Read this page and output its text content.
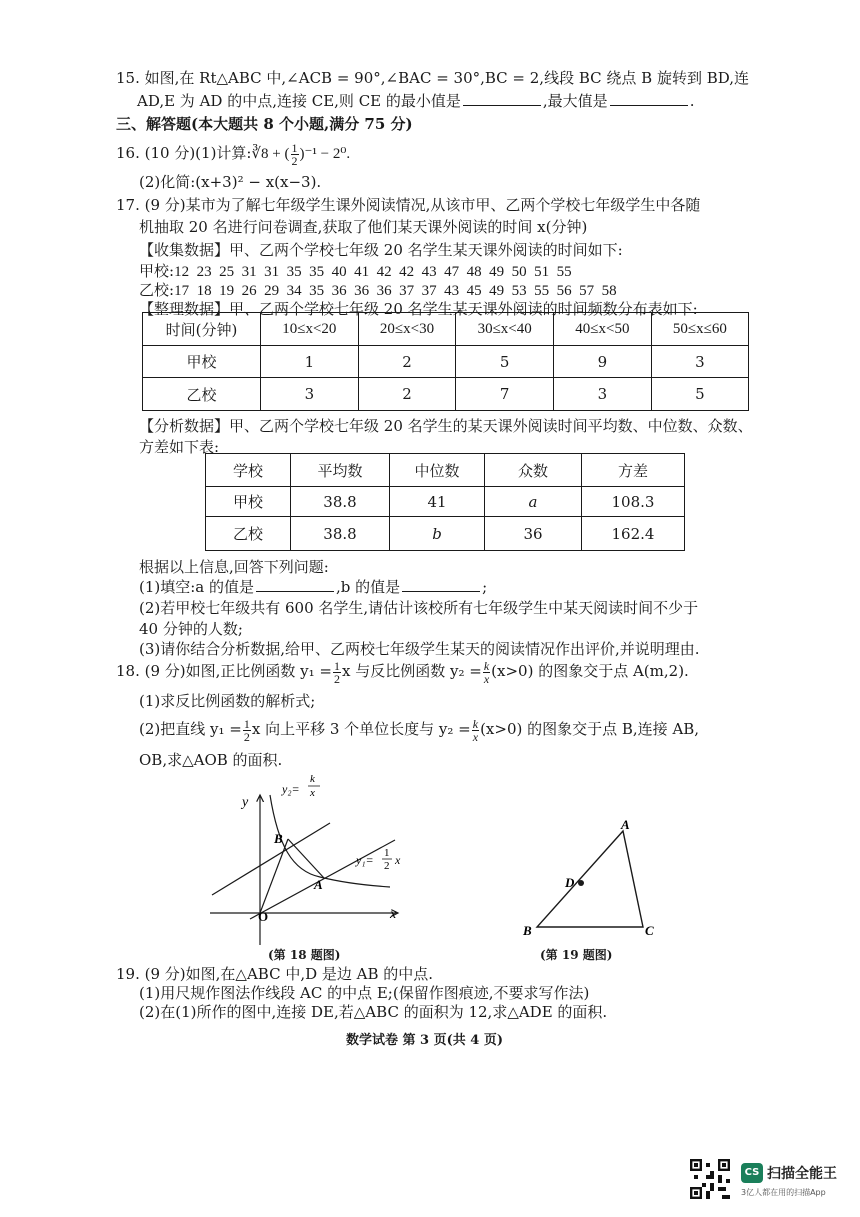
15. 如图,在 Rt△ABC 中,∠ACB = 90°,∠BAC = 30°,BC = 2,线段 BC 绕点 B 旋转到 BD,连
AD,E 为 AD 的中点,连接 CE,则 CE 的最小值是	,最大值是	.
三、解答题(本大题共 8 个小题,满分 75 分)
16. (10 分)(1)计算:∛8 + ( $\frac{1}{2} )^{-1} - 2^0$.
(2)化简:(x+3)² − x(x−3).
17. (9 分)某市为了解七年级学生课外阅读情况,从该市甲、乙两个学校七年级学生中各随
机抽取 20 名进行问卷调查,获取了他们某天课外阅读的时间 x(分钟)
【收集数据】甲、乙两个学校七年级 20 名学生某天课外阅读的时间如下:
甲校:12  23  25  31  31  35  35  40  41  42  42  43  47  48  49  50  51  55
乙校:17  18  19  26  29  34  35  36  36  36  37  37  43  45  49  53  55  56  57  58
【整理数据】甲、乙两个学校七年级 20 名学生某天课外阅读的时间频数分布表如下:
时间(分钟)	10≤x<20	20≤x<30	30≤x<40	40≤x<50	50≤x≤60
甲校	1	2	5	9	3
乙校	3	2	7	3	5
【分析数据】甲、乙两个学校七年级 20 名学生的某天课外阅读时间平均数、中位数、众数、
方差如下表:
学校	平均数	中位数	众数	方差
甲校	38.8	41	a	108.3
乙校	38.8	b	36	162.4
根据以上信息,回答下列问题:
(1)填空:a 的值是	,b 的值是	;
(2)若甲校七年级共有 600 名学生,请估计该校所有七年级学生中某天阅读时间不少于
40 分钟的人数;
(3)请你结合分析数据,给甲、乙两校七年级学生某天的阅读情况作出评价,并说明理由.
18. (9 分)如图,正比例函数 $y_1 = \frac{1}{2}$ x 与反比例函数 $y_2 = \frac{k}{x} (x>0)$ 的图象交于点 A(m,2).
(1)求反比例函数的解析式;
(2)把直线 $y_1 = \frac{1}{2}$ x 向上平移 3 个单位长度与 $y_2 = \frac{k}{x} (x>0)$ 的图象交于点 B,连接 AB,
OB,求△AOB 的面积.
y
x
O
A
B
y₂=
k
x
y₁= 1
2 x
(第 18 题图)
A
B	C
D
(第 19 题图)
19. (9 分)如图,在△ABC 中,D 是边 AB 的中点.
(1)用尺规作图法作线段 AC 的中点 E;(保留作图痕迹,不要求写作法)
(2)在(1)所作的图中,连接 DE,若△ABC 的面积为 12,求△ADE 的面积.
数学试卷 第 3 页(共 4 页)
CS 扫描全能王
3亿人都在用的扫描App
